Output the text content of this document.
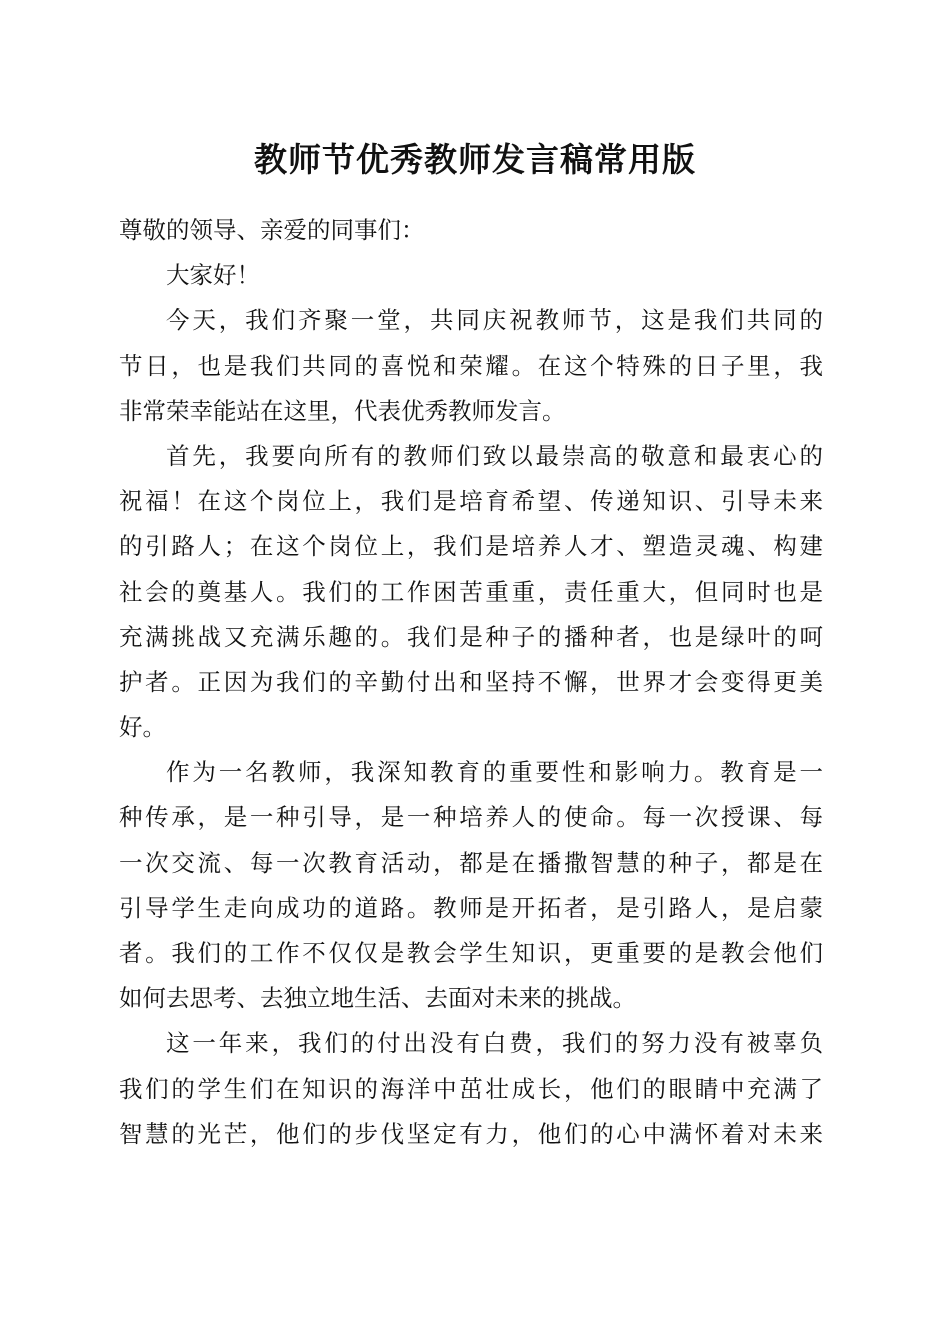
教师节优秀教师发言稿常用版
尊敬的领导、亲爱的同事们：
大家好！
今天，我们齐聚一堂，共同庆祝教师节，这是我们共同的
节日，也是我们共同的喜悦和荣耀。在这个特殊的日子里，我
非常荣幸能站在这里，代表优秀教师发言。
首先，我要向所有的教师们致以最崇高的敬意和最衷心的
祝福！在这个岗位上，我们是培育希望、传递知识、引导未来
的引路人；在这个岗位上，我们是培养人才、塑造灵魂、构建
社会的奠基人。我们的工作困苦重重，责任重大，但同时也是
充满挑战又充满乐趣的。我们是种子的播种者，也是绿叶的呵
护者。正因为我们的辛勤付出和坚持不懈，世界才会变得更美
好。
作为一名教师，我深知教育的重要性和影响力。教育是一
种传承，是一种引导，是一种培养人的使命。每一次授课、每
一次交流、每一次教育活动，都是在播撒智慧的种子，都是在
引导学生走向成功的道路。教师是开拓者，是引路人，是启蒙
者。我们的工作不仅仅是教会学生知识，更重要的是教会他们
如何去思考、去独立地生活、去面对未来的挑战。
这一年来，我们的付出没有白费，我们的努力没有被辜负
我们的学生们在知识的海洋中茁壮成长，他们的眼睛中充满了
智慧的光芒，他们的步伐坚定有力，他们的心中满怀着对未来
